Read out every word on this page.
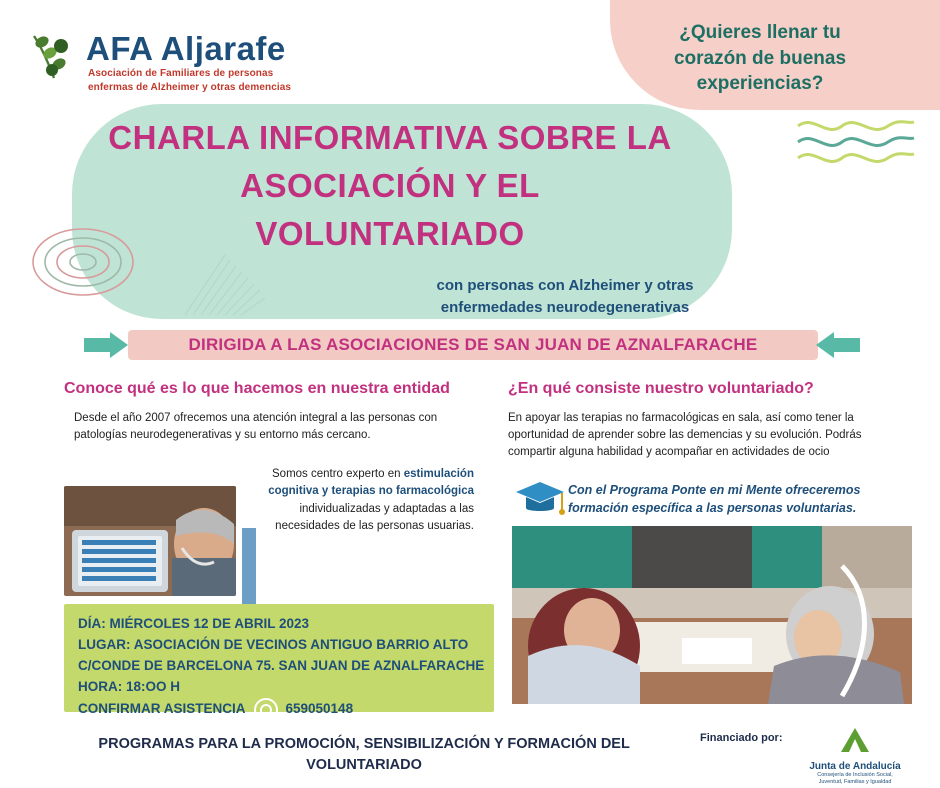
AFA Aljarafe
Asociación de Familiares de personas
enfermas de Alzheimer y otras demencias
¿Quieres llenar tu
corazón de buenas
experiencias?
CHARLA INFORMATIVA SOBRE LA
ASOCIACIÓN Y EL
VOLUNTARIADO
con personas con Alzheimer y otras
enfermedades neurodegenerativas
DIRIGIDA A LAS ASOCIACIONES DE SAN JUAN DE AZNALFARACHE
Conoce qué es lo que hacemos en nuestra entidad
Desde el año 2007 ofrecemos una atención integral a las personas con patologías neurodegenerativas y su entorno más cercano.
Somos centro experto en estimulación cognitiva y terapias no farmacológica individualizadas y adaptadas a las necesidades de las personas usuarias.
¿En qué consiste nuestro voluntariado?
En apoyar las terapias no farmacológicas en sala, así como tener la oportunidad de aprender sobre las demencias y su evolución. Podrás compartir alguna habilidad y acompañar en actividades de ocio
Con el Programa Ponte en mi Mente ofreceremos formación específica a las personas voluntarias.
DÍA: MIÉRCOLES 12 DE ABRIL 2023
LUGAR: ASOCIACIÓN DE VECINOS ANTIGUO BARRIO ALTO
C/CONDE DE BARCELONA 75. SAN JUAN DE AZNALFARACHE
HORA: 18:OO H
CONFIRMAR ASISTENCIA	659050148
PROGRAMAS PARA LA PROMOCIÓN, SENSIBILIZACIÓN Y FORMACIÓN DEL VOLUNTARIADO
Financiado por:
Junta de Andalucía
Consejería de Inclusión Social,
Juventud, Familias y Igualdad
